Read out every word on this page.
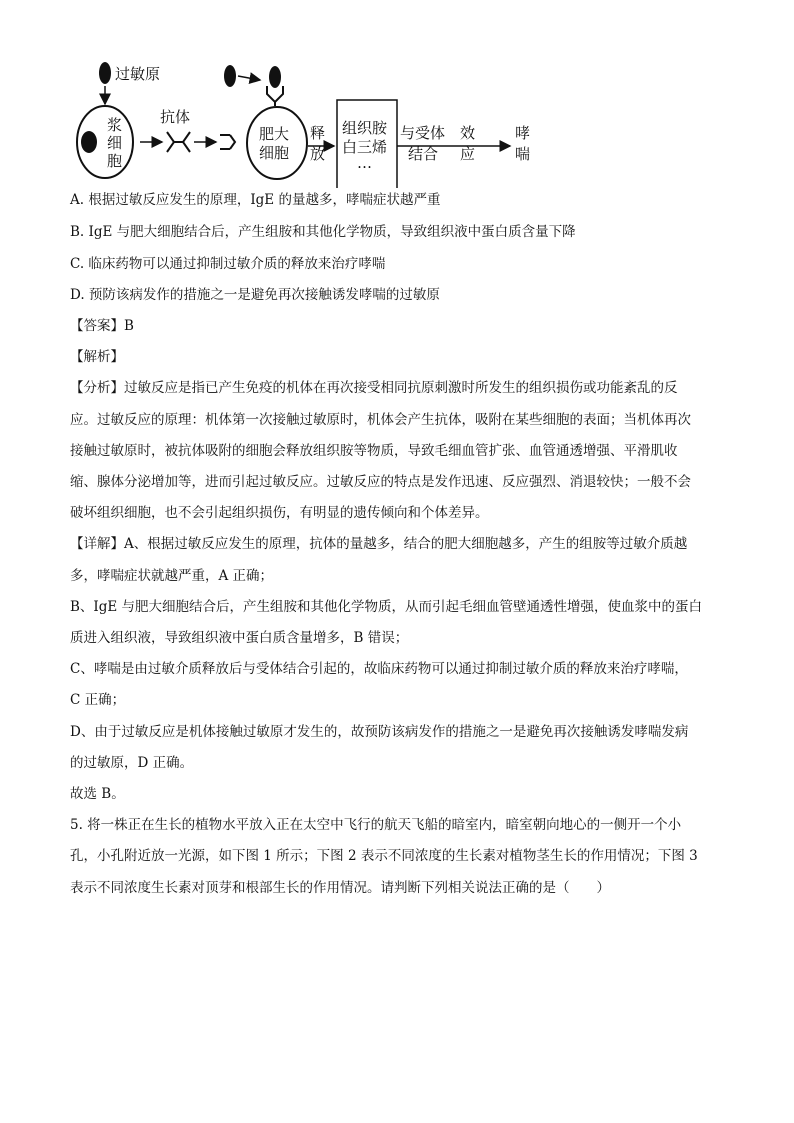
过敏原
浆
细
胞
抗体
肥大
细胞
释
放
组织胺
白三烯
…
与受体
结合
效
应
哮
喘
A. 根据过敏反应发生的原理，IgE 的量越多，哮喘症状越严重
B. IgE 与肥大细胞结合后，产生组胺和其他化学物质，导致组织液中蛋白质含量下降
C. 临床药物可以通过抑制过敏介质的释放来治疗哮喘
D. 预防该病发作的措施之一是避免再次接触诱发哮喘的过敏原
【答案】B
【解析】
【分析】过敏反应是指已产生免疫的机体在再次接受相同抗原刺激时所发生的组织损伤或功能紊乱的反
应。过敏反应的原理：机体第一次接触过敏原时，机体会产生抗体，吸附在某些细胞的表面；当机体再次
接触过敏原时，被抗体吸附的细胞会释放组织胺等物质，导致毛细血管扩张、血管通透增强、平滑肌收
缩、腺体分泌增加等，进而引起过敏反应。过敏反应的特点是发作迅速、反应强烈、消退较快；一般不会
破坏组织细胞，也不会引起组织损伤，有明显的遗传倾向和个体差异。
【详解】A、根据过敏反应发生的原理，抗体的量越多，结合的肥大细胞越多，产生的组胺等过敏介质越
多，哮喘症状就越严重，A 正确；
B、IgE 与肥大细胞结合后，产生组胺和其他化学物质，从而引起毛细血管壁通透性增强，使血浆中的蛋白
质进入组织液，导致组织液中蛋白质含量增多，B 错误；
C、哮喘是由过敏介质释放后与受体结合引起的，故临床药物可以通过抑制过敏介质的释放来治疗哮喘，
C 正确；
D、由于过敏反应是机体接触过敏原才发生的，故预防该病发作的措施之一是避免再次接触诱发哮喘发病
的过敏原，D 正确。
故选 B。
5. 将一株正在生长的植物水平放入正在太空中飞行的航天飞船的暗室内，暗室朝向地心的一侧开一个小
孔，小孔附近放一光源，如下图 1 所示；下图 2 表示不同浓度的生长素对植物茎生长的作用情况；下图 3
表示不同浓度生长素对顶芽和根部生长的作用情况。请判断下列相关说法正确的是（　　）
